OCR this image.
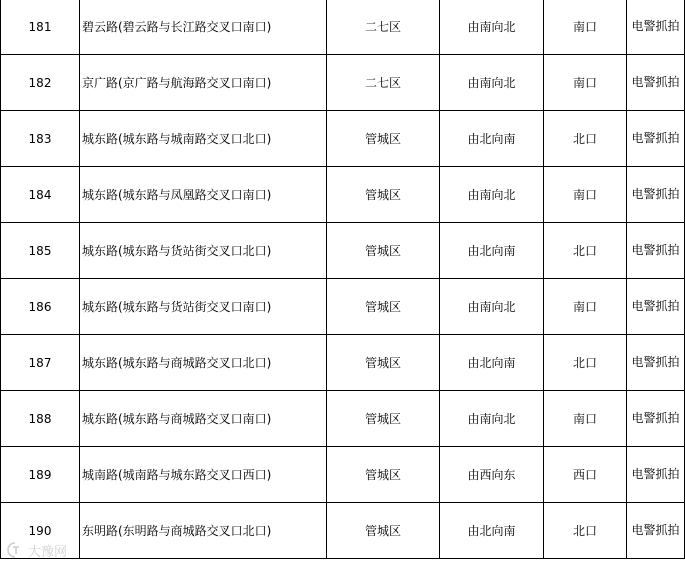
181	碧云路(碧云路与长江路交叉口南口)	二七区	由南向北	南口	电警抓拍
182	京广路(京广路与航海路交叉口南口)	二七区	由南向北	南口	电警抓拍
183	城东路(城东路与城南路交叉口北口)	管城区	由北向南	北口	电警抓拍
184	城东路(城东路与凤凰路交叉口南口)	管城区	由南向北	南口	电警抓拍
185	城东路(城东路与货站街交叉口北口)	管城区	由北向南	北口	电警抓拍
186	城东路(城东路与货站街交叉口南口)	管城区	由南向北	南口	电警抓拍
187	城东路(城东路与商城路交叉口北口)	管城区	由北向南	北口	电警抓拍
188	城东路(城东路与商城路交叉口南口)	管城区	由南向北	南口	电警抓拍
189	城南路(城南路与城东路交叉口西口)	管城区	由西向东	西口	电警抓拍
190	东明路(东明路与商城路交叉口北口)	管城区	由北向南	北口	电警抓拍
大豫网
